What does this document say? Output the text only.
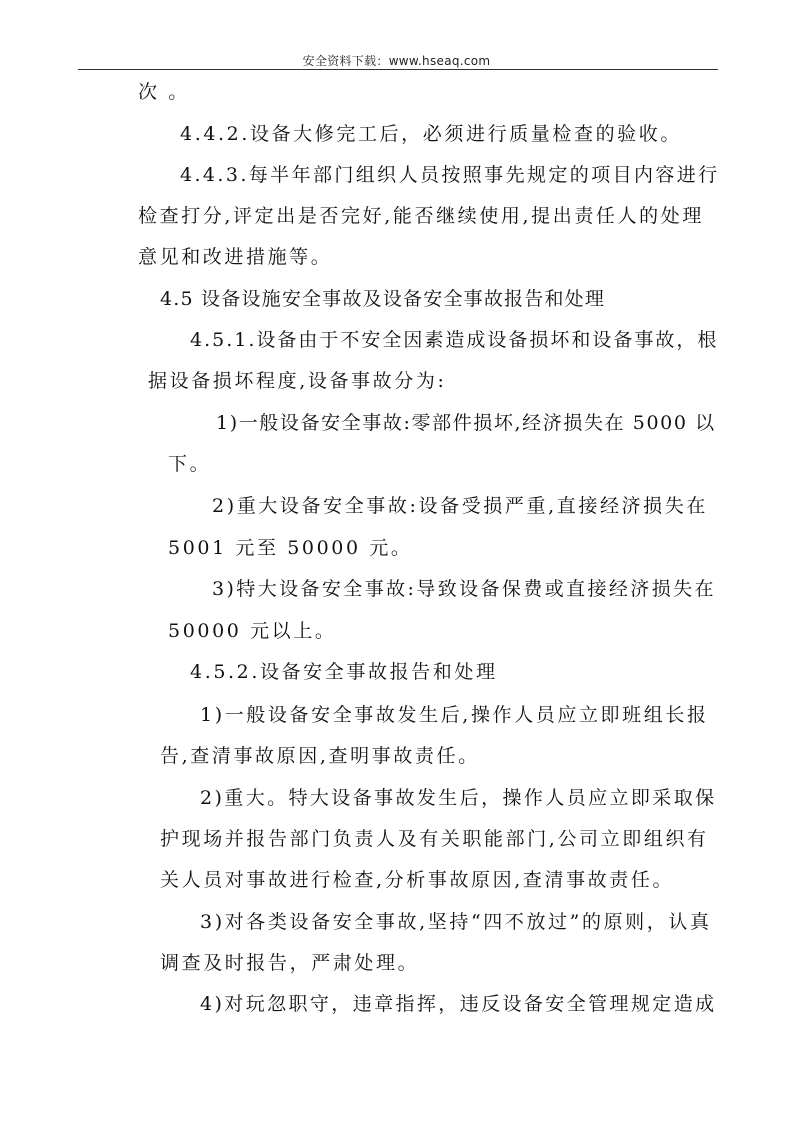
安全资料下载：www.hseaq.com
次 。
4.4.2.设备大修完工后，必须进行质量检查的验收。
4.4.3.每半年部门组织人员按照事先规定的项目内容进行
检查打分,评定出是否完好,能否继续使用,提出责任人的处理
意见和改进措施等。
4.5 设备设施安全事故及设备安全事故报告和处理
4.5.1.设备由于不安全因素造成设备损坏和设备事故，根
据设备损坏程度,设备事故分为:
1)一般设备安全事故:零部件损坏,经济损失在 5000 以
下。
2)重大设备安全事故:设备受损严重,直接经济损失在
5001 元至 50000 元。
3)特大设备安全事故:导致设备保费或直接经济损失在
50000 元以上。
4.5.2.设备安全事故报告和处理
1)一般设备安全事故发生后,操作人员应立即班组长报
告,查清事故原因,查明事故责任。
2)重大。特大设备事故发生后，操作人员应立即采取保
护现场并报告部门负责人及有关职能部门,公司立即组织有
关人员对事故进行检查,分析事故原因,查清事故责任。
3)对各类设备安全事故,坚持“四不放过”的原则，认真
调查及时报告，严肃处理。
4)对玩忽职守，违章指挥，违反设备安全管理规定造成
